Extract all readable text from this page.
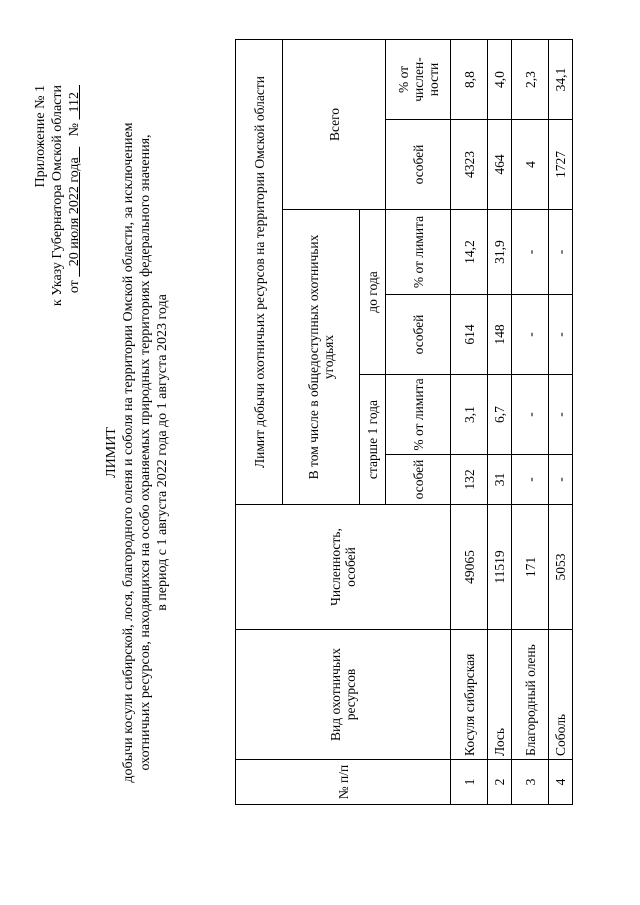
Приложение № 1 к Указу Губернатора Омской области от    20 июля 2022 года      №   112
ЛИМИТ добычи косули сибирской, лося, благородного оленя и соболя на территории Омской области, за исключением охотничьих ресурсов, находящихся на особо охраняемых природных территориях федерального значения, в период с 1 августа 2022 года до 1 августа 2023 года
№ п/п	Вид охотничьих ресурсов	Численность, особей	Лимит добычи охотничьих ресурсов на территории Омской области					
			В том числе в общедоступных охотничьих угодьях				Всего	
			старше 1 года		до года			
			особей	% от лимита	особей	% от лимита	особей	% от числен-ности
1	Косуля сибирская	49065	132	3,1	614	14,2	4323	8,8
2	Лось	11519	31	6,7	148	31,9	464	4,0
3	Благородный олень	171	-	-	-	-	4	2,3
4	Соболь	5053	-	-	-	-	1727	34,1
